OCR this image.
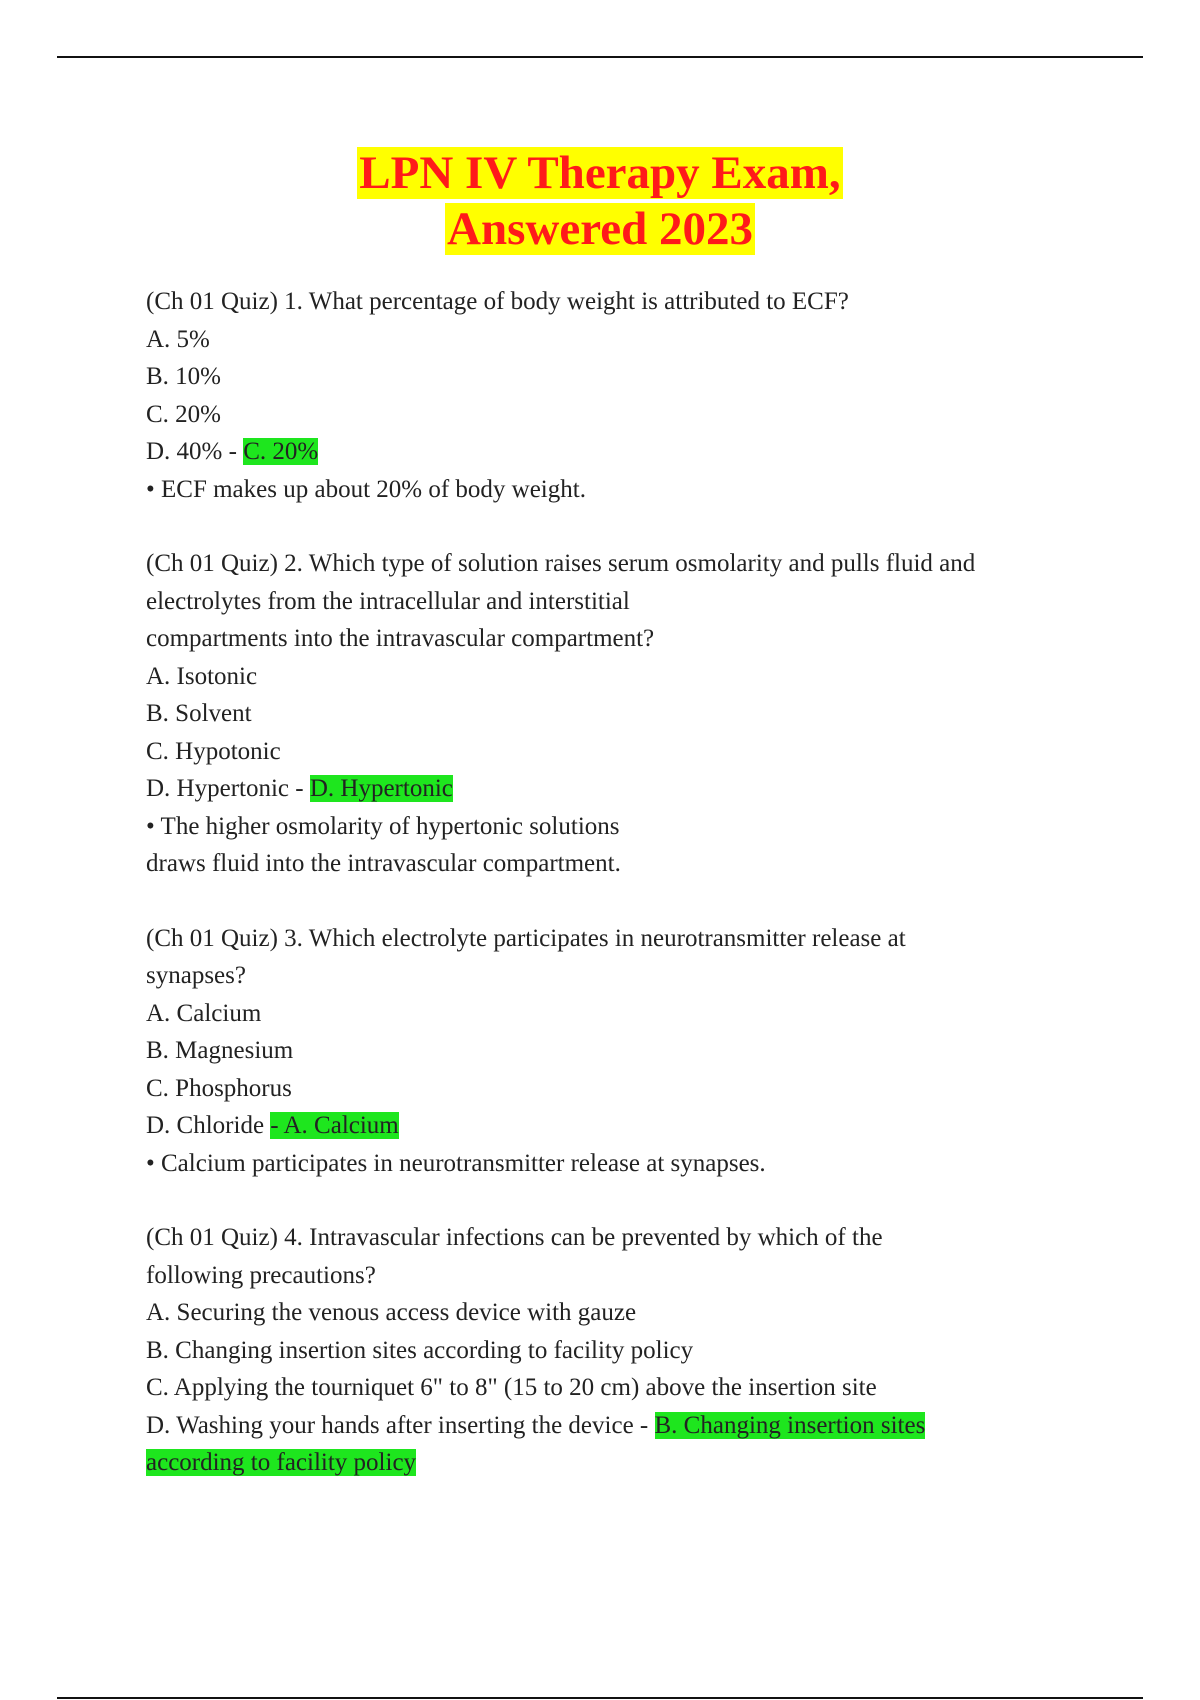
LPN IV Therapy Exam,
Answered 2023

(Ch 01 Quiz) 1. What percentage of body weight is attributed to ECF?

A. 5%

B. 10%

C. 20%

D. 40% - C. 20%

• ECF makes up about 20% of body weight.

(Ch 01 Quiz) 2. Which type of solution raises serum osmolarity and pulls fluid and

electrolytes from the intracellular and interstitial

compartments into the intravascular compartment?

A. Isotonic

B. Solvent

C. Hypotonic

D. Hypertonic - D. Hypertonic

• The higher osmolarity of hypertonic solutions

draws fluid into the intravascular compartment.

(Ch 01 Quiz) 3. Which electrolyte participates in neurotransmitter release at

synapses?

A. Calcium

B. Magnesium

C. Phosphorus

D. Chloride - A. Calcium

• Calcium participates in neurotransmitter release at synapses.

(Ch 01 Quiz) 4. Intravascular infections can be prevented by which of the

following precautions?

A. Securing the venous access device with gauze

B. Changing insertion sites according to facility policy

C. Applying the tourniquet 6" to 8" (15 to 20 cm) above the insertion site

D. Washing your hands after inserting the device - B. Changing insertion sites

according to facility policy
